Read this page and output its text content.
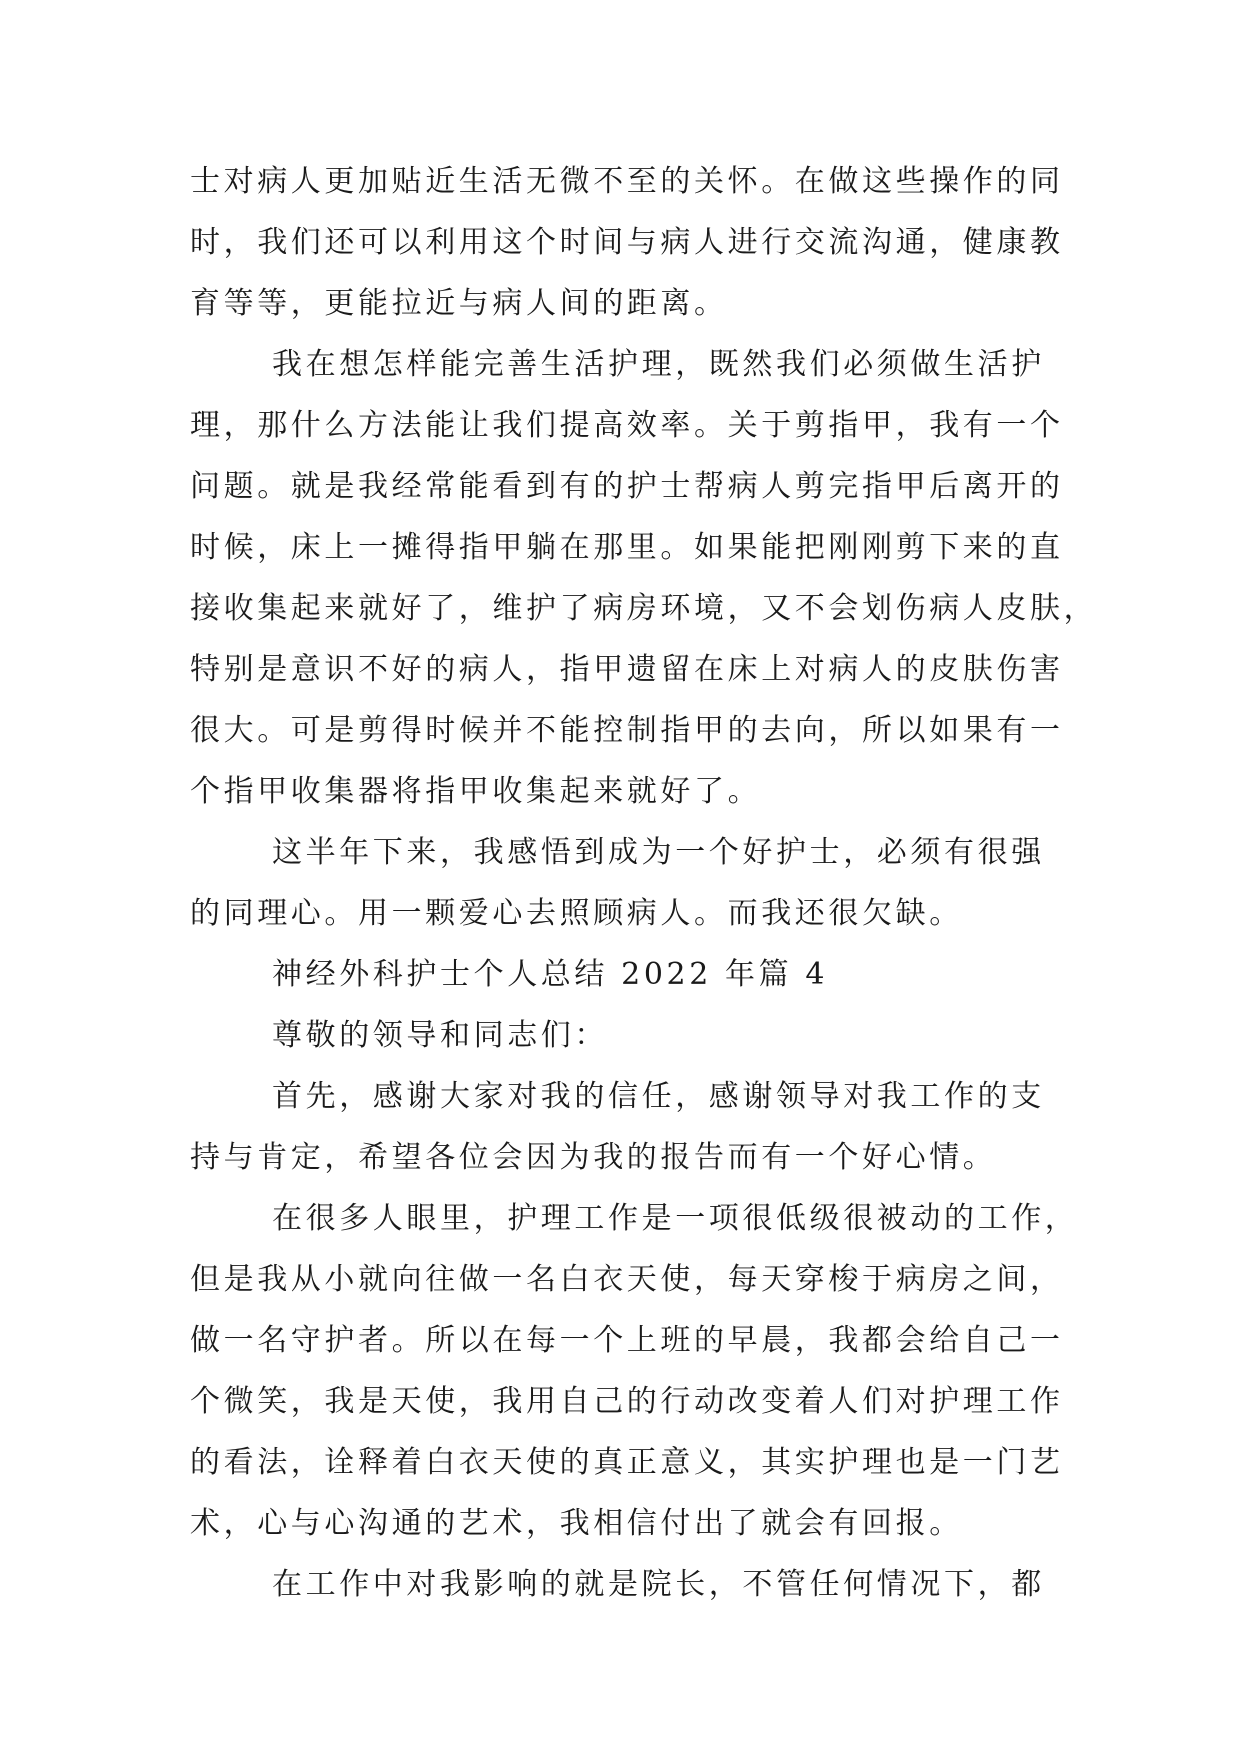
士对病人更加贴近生活无微不至的关怀。在做这些操作的同
时，我们还可以利用这个时间与病人进行交流沟通，健康教
育等等，更能拉近与病人间的距离。
我在想怎样能完善生活护理，既然我们必须做生活护
理，那什么方法能让我们提高效率。关于剪指甲，我有一个
问题。就是我经常能看到有的护士帮病人剪完指甲后离开的
时候，床上一摊得指甲躺在那里。如果能把刚刚剪下来的直
接收集起来就好了，维护了病房环境，又不会划伤病人皮肤，
特别是意识不好的病人，指甲遗留在床上对病人的皮肤伤害
很大。可是剪得时候并不能控制指甲的去向，所以如果有一
个指甲收集器将指甲收集起来就好了。
这半年下来，我感悟到成为一个好护士，必须有很强
的同理心。用一颗爱心去照顾病人。而我还很欠缺。
神经外科护士个人总结 2022 年篇 4
尊敬的领导和同志们：
首先，感谢大家对我的信任，感谢领导对我工作的支
持与肯定，希望各位会因为我的报告而有一个好心情。
在很多人眼里，护理工作是一项很低级很被动的工作，
但是我从小就向往做一名白衣天使，每天穿梭于病房之间，
做一名守护者。所以在每一个上班的早晨，我都会给自己一
个微笑，我是天使，我用自己的行动改变着人们对护理工作
的看法，诠释着白衣天使的真正意义，其实护理也是一门艺
术，心与心沟通的艺术，我相信付出了就会有回报。
在工作中对我影响的就是院长，不管任何情况下，都
